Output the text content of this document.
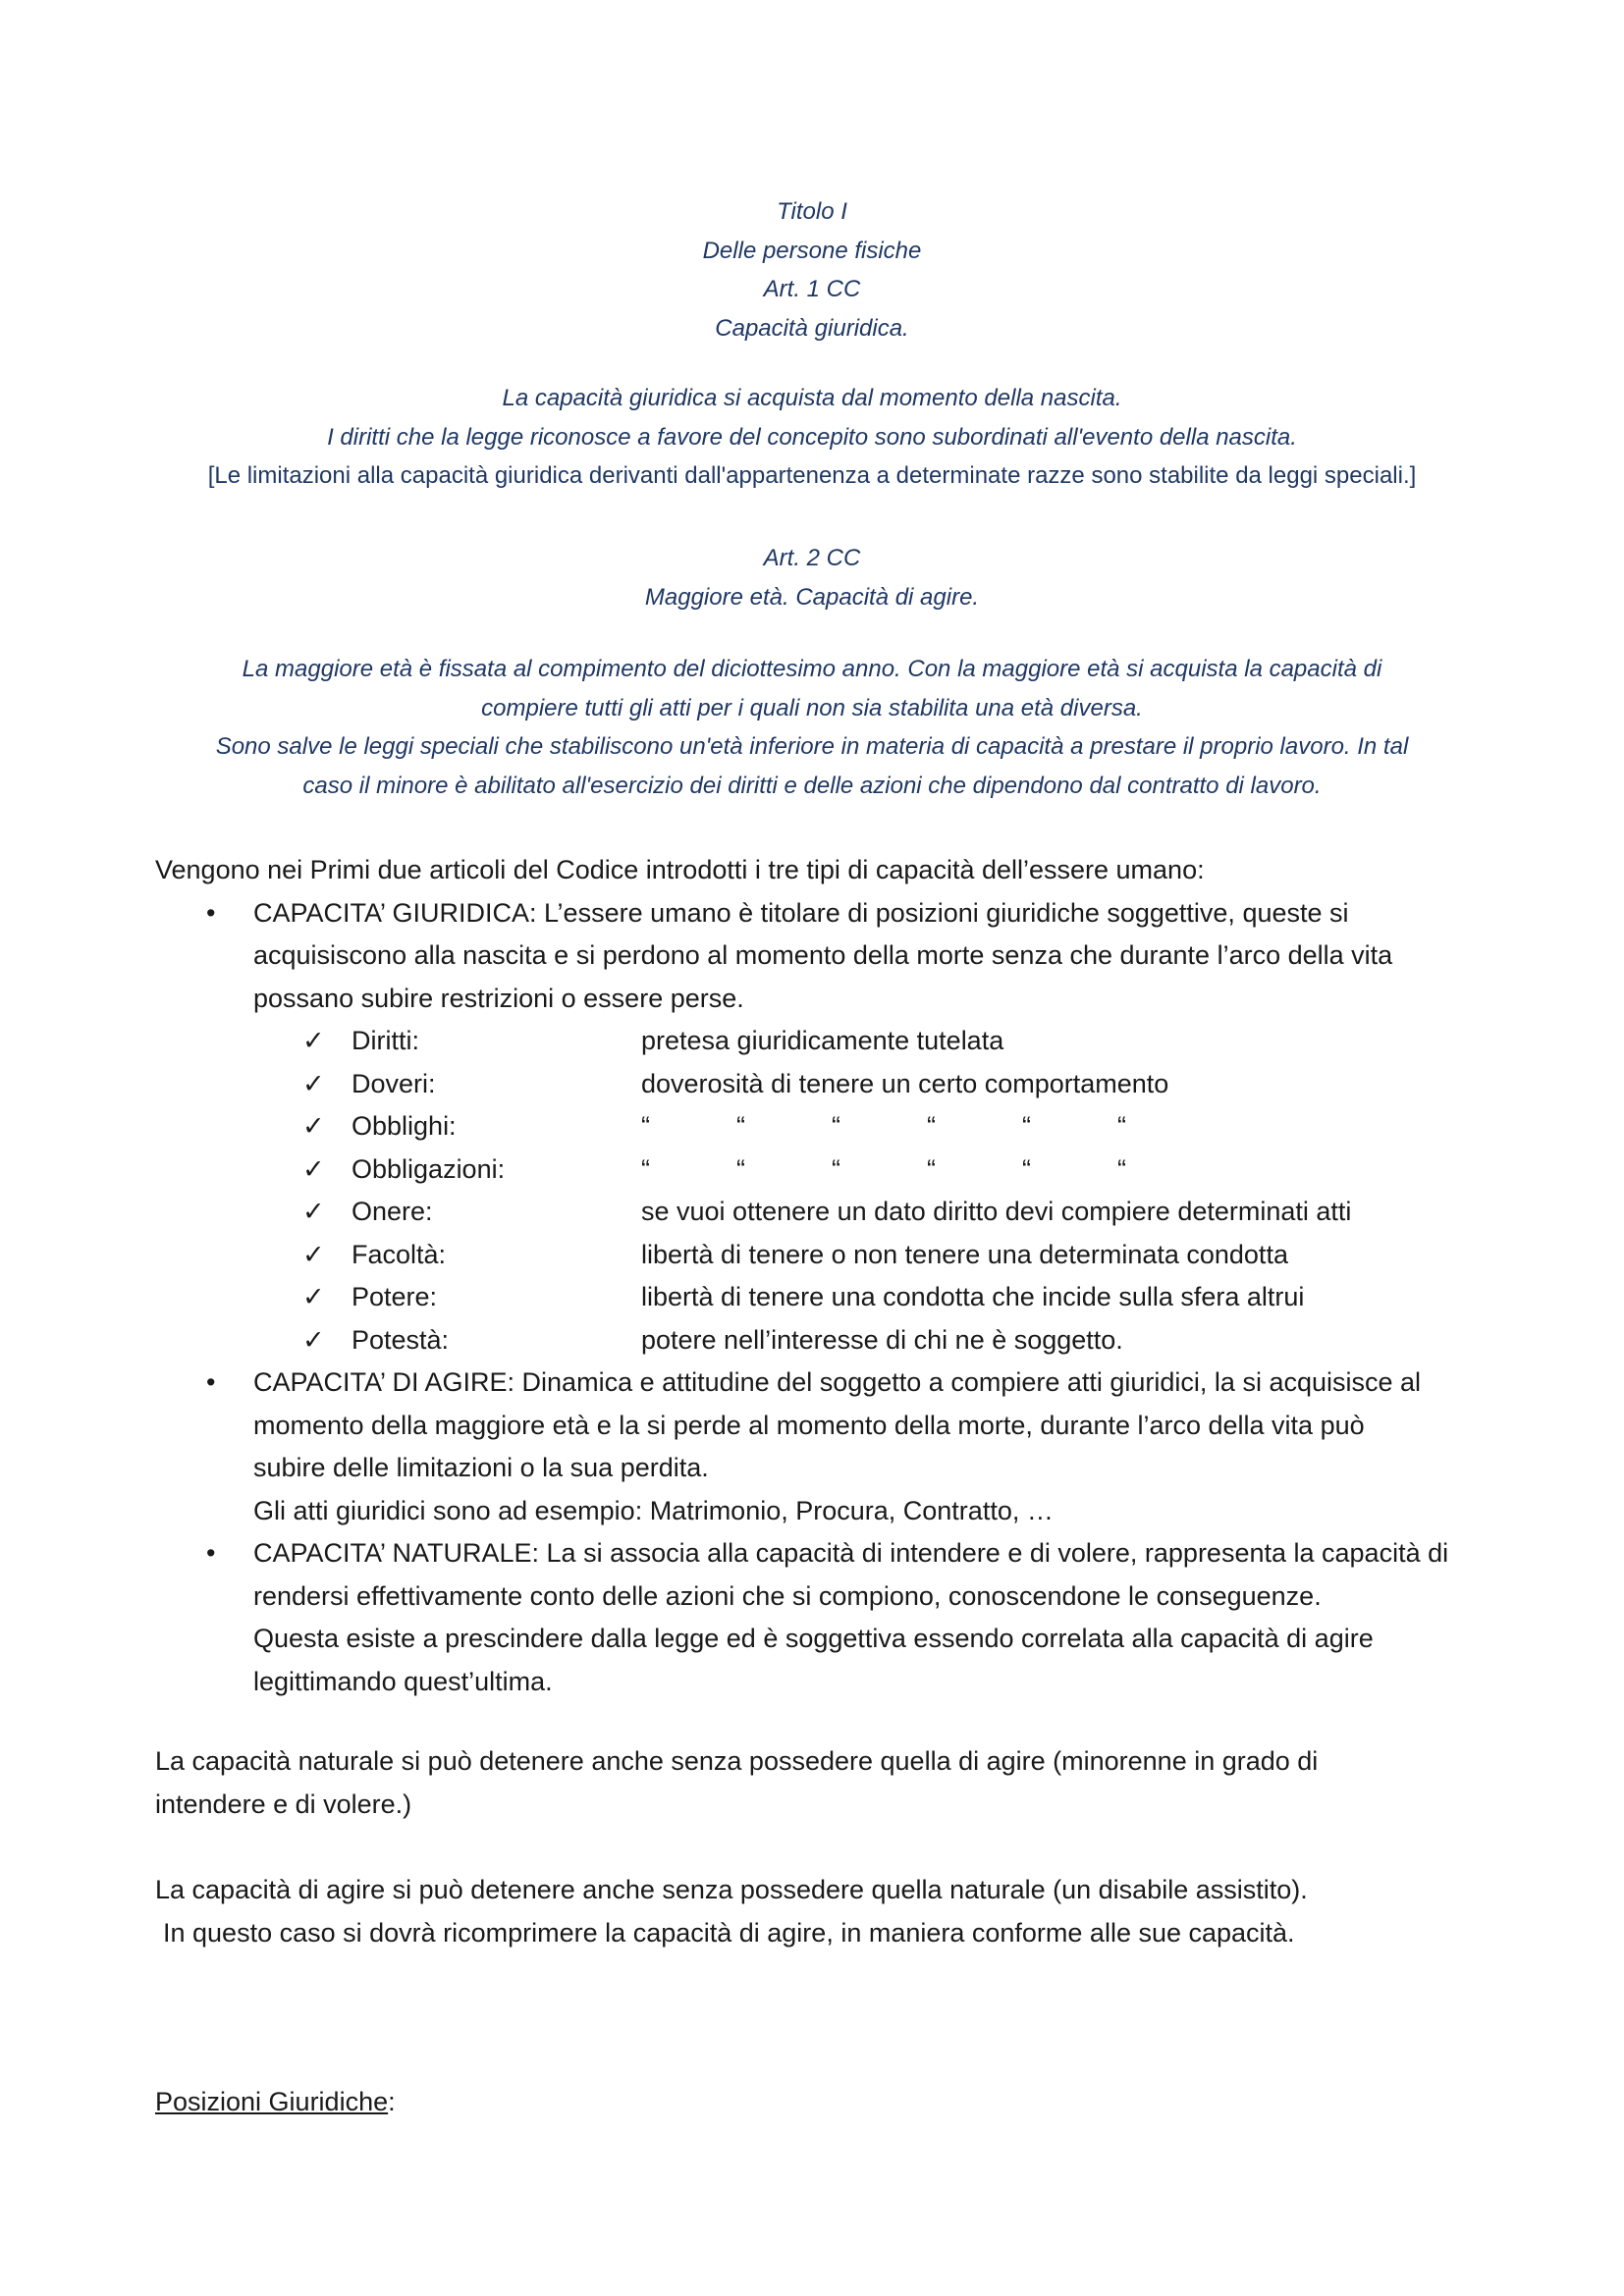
Titolo I

Delle persone fisiche

Art. 1 CC

Capacità giuridica.

La capacità giuridica si acquista dal momento della nascita.

I diritti che la legge riconosce a favore del concepito sono subordinati all'evento della nascita.

[Le limitazioni alla capacità giuridica derivanti dall'appartenenza a determinate razze sono stabilite da leggi speciali.]

Art. 2 CC

Maggiore età. Capacità di agire.

La maggiore età è fissata al compimento del diciottesimo anno. Con la maggiore età si acquista la capacità di

compiere tutti gli atti per i quali non sia stabilita una età diversa.

Sono salve le leggi speciali che stabiliscono un'età inferiore in materia di capacità a prestare il proprio lavoro. In tal

caso il minore è abilitato all'esercizio dei diritti e delle azioni che dipendono dal contratto di lavoro.

Vengono nei Primi due articoli del Codice introdotti i tre tipi di capacità dell’essere umano:

• CAPACITA’ GIURIDICA: L’essere umano è titolare di posizioni giuridiche soggettive, queste si

acquisiscono alla nascita e si perdono al momento della morte senza che durante l’arco della vita

possano subire restrizioni o essere perse.

✓	Diritti:	pretesa giuridicamente tutelata
✓	Doveri:	doverosità di tenere un certo comportamento
✓	Obblighi:	“	“	“	“	“	“
✓	Obbligazioni:	“	“	“	“	“	“
✓	Onere:	se vuoi ottenere un dato diritto devi compiere determinati atti
✓	Facoltà:	libertà di tenere o non tenere una determinata condotta
✓	Potere:	libertà di tenere una condotta che incide sulla sfera altrui
✓	Potestà:	potere nell’interesse di chi ne è soggetto.
• CAPACITA’ DI AGIRE: Dinamica e attitudine del soggetto a compiere atti giuridici, la si acquisisce al

momento della maggiore età e la si perde al momento della morte, durante l’arco della vita può

subire delle limitazioni o la sua perdita.

Gli atti giuridici sono ad esempio: Matrimonio, Procura, Contratto, …

• CAPACITA’ NATURALE: La si associa alla capacità di intendere e di volere, rappresenta la capacità di

rendersi effettivamente conto delle azioni che si compiono, conoscendone le conseguenze.

Questa esiste a prescindere dalla legge ed è soggettiva essendo correlata alla capacità di agire

legittimando quest’ultima.

La capacità naturale si può detenere anche senza possedere quella di agire (minorenne in grado di

intendere e di volere.)

La capacità di agire si può detenere anche senza possedere quella naturale (un disabile assistito).

In questo caso si dovrà ricomprimere la capacità di agire, in maniera conforme alle sue capacità.

Posizioni Giuridiche:
